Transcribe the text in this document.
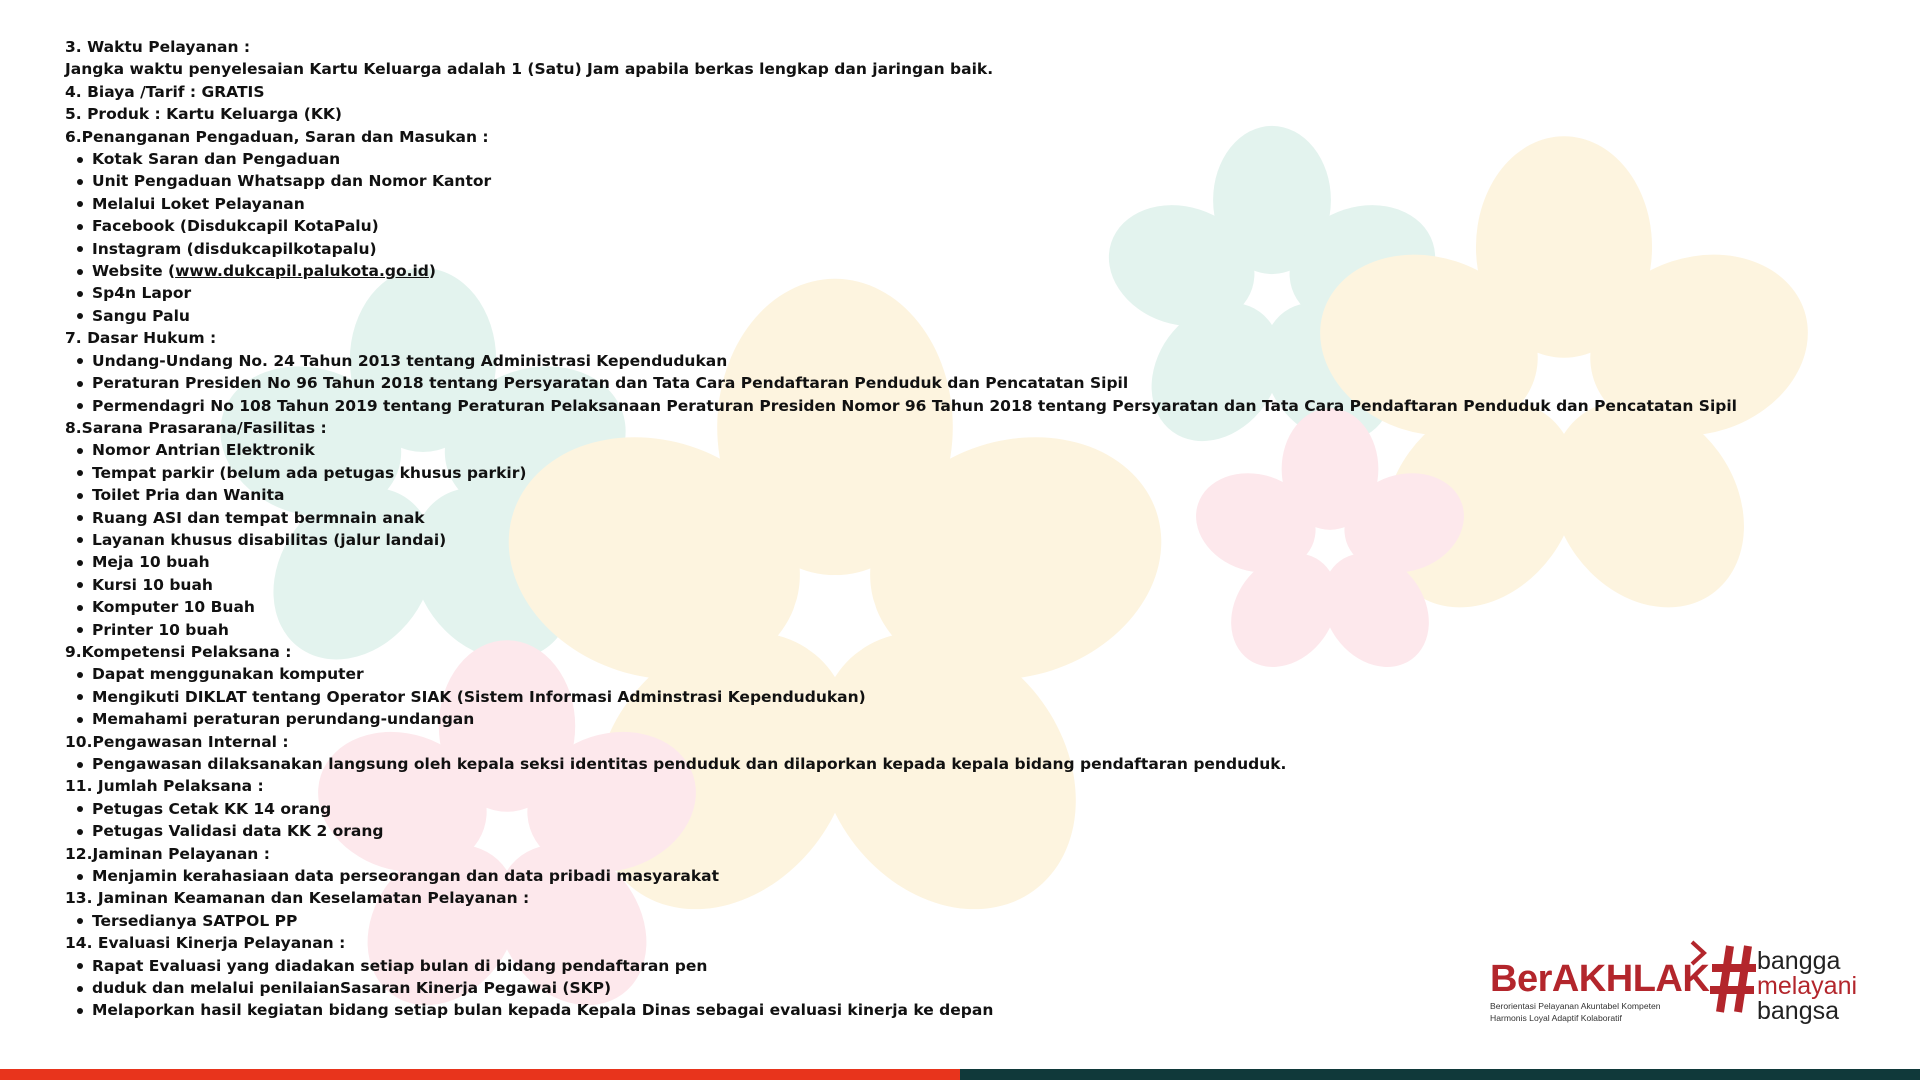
3. Waktu Pelayanan :
Jangka waktu penyelesaian Kartu Keluarga adalah 1 (Satu) Jam apabila berkas lengkap dan jaringan baik.
4. Biaya /Tarif : GRATIS
5. Produk : Kartu Keluarga (KK)
6.Penanganan Pengaduan, Saran dan Masukan :
Kotak Saran dan Pengaduan
Unit Pengaduan Whatsapp dan Nomor Kantor
Melalui Loket Pelayanan
Facebook (Disdukcapil KotaPalu)
Instagram (disdukcapilkotapalu)
Website (www.dukcapil.palukota.go.id)
Sp4n Lapor
Sangu Palu
7. Dasar Hukum :
Undang-Undang No. 24 Tahun 2013 tentang Administrasi Kependudukan
Peraturan Presiden No 96 Tahun 2018 tentang Persyaratan dan Tata Cara Pendaftaran Penduduk dan Pencatatan Sipil
Permendagri No 108 Tahun 2019 tentang Peraturan Pelaksanaan Peraturan Presiden Nomor 96 Tahun 2018 tentang Persyaratan dan Tata Cara Pendaftaran Penduduk dan Pencatatan Sipil
8.Sarana Prasarana/Fasilitas :
Nomor Antrian Elektronik
Tempat parkir (belum ada petugas khusus parkir)
Toilet Pria dan Wanita
Ruang ASI dan tempat bermnain anak
Layanan khusus disabilitas (jalur landai)
Meja 10 buah
Kursi 10 buah
Komputer 10 Buah
Printer 10 buah
9.Kompetensi Pelaksana :
Dapat menggunakan komputer
Mengikuti DIKLAT tentang Operator SIAK (Sistem Informasi Adminstrasi Kependudukan)
Memahami peraturan perundang-undangan
10.Pengawasan Internal :
Pengawasan dilaksanakan langsung oleh kepala seksi identitas penduduk dan dilaporkan kepada kepala bidang pendaftaran penduduk.
11. Jumlah Pelaksana :
Petugas Cetak KK 14 orang
Petugas Validasi data KK 2 orang
12.Jaminan Pelayanan :
Menjamin kerahasiaan data perseorangan dan data pribadi masyarakat
13. Jaminan Keamanan dan Keselamatan Pelayanan :
Tersedianya SATPOL PP
14. Evaluasi Kinerja Pelayanan :
Rapat Evaluasi yang diadakan setiap bulan di bidang pendaftaran pen
duduk dan melalui penilaianSasaran Kinerja Pegawai (SKP)
Melaporkan hasil kegiatan bidang setiap bulan kepada Kepala Dinas sebagai evaluasi kinerja ke depan
BerAKHLAK
Berorientasi Pelayanan Akuntabel Kompeten
Harmonis Loyal Adaptif Kolaboratif
bangga
melayani
bangsa
